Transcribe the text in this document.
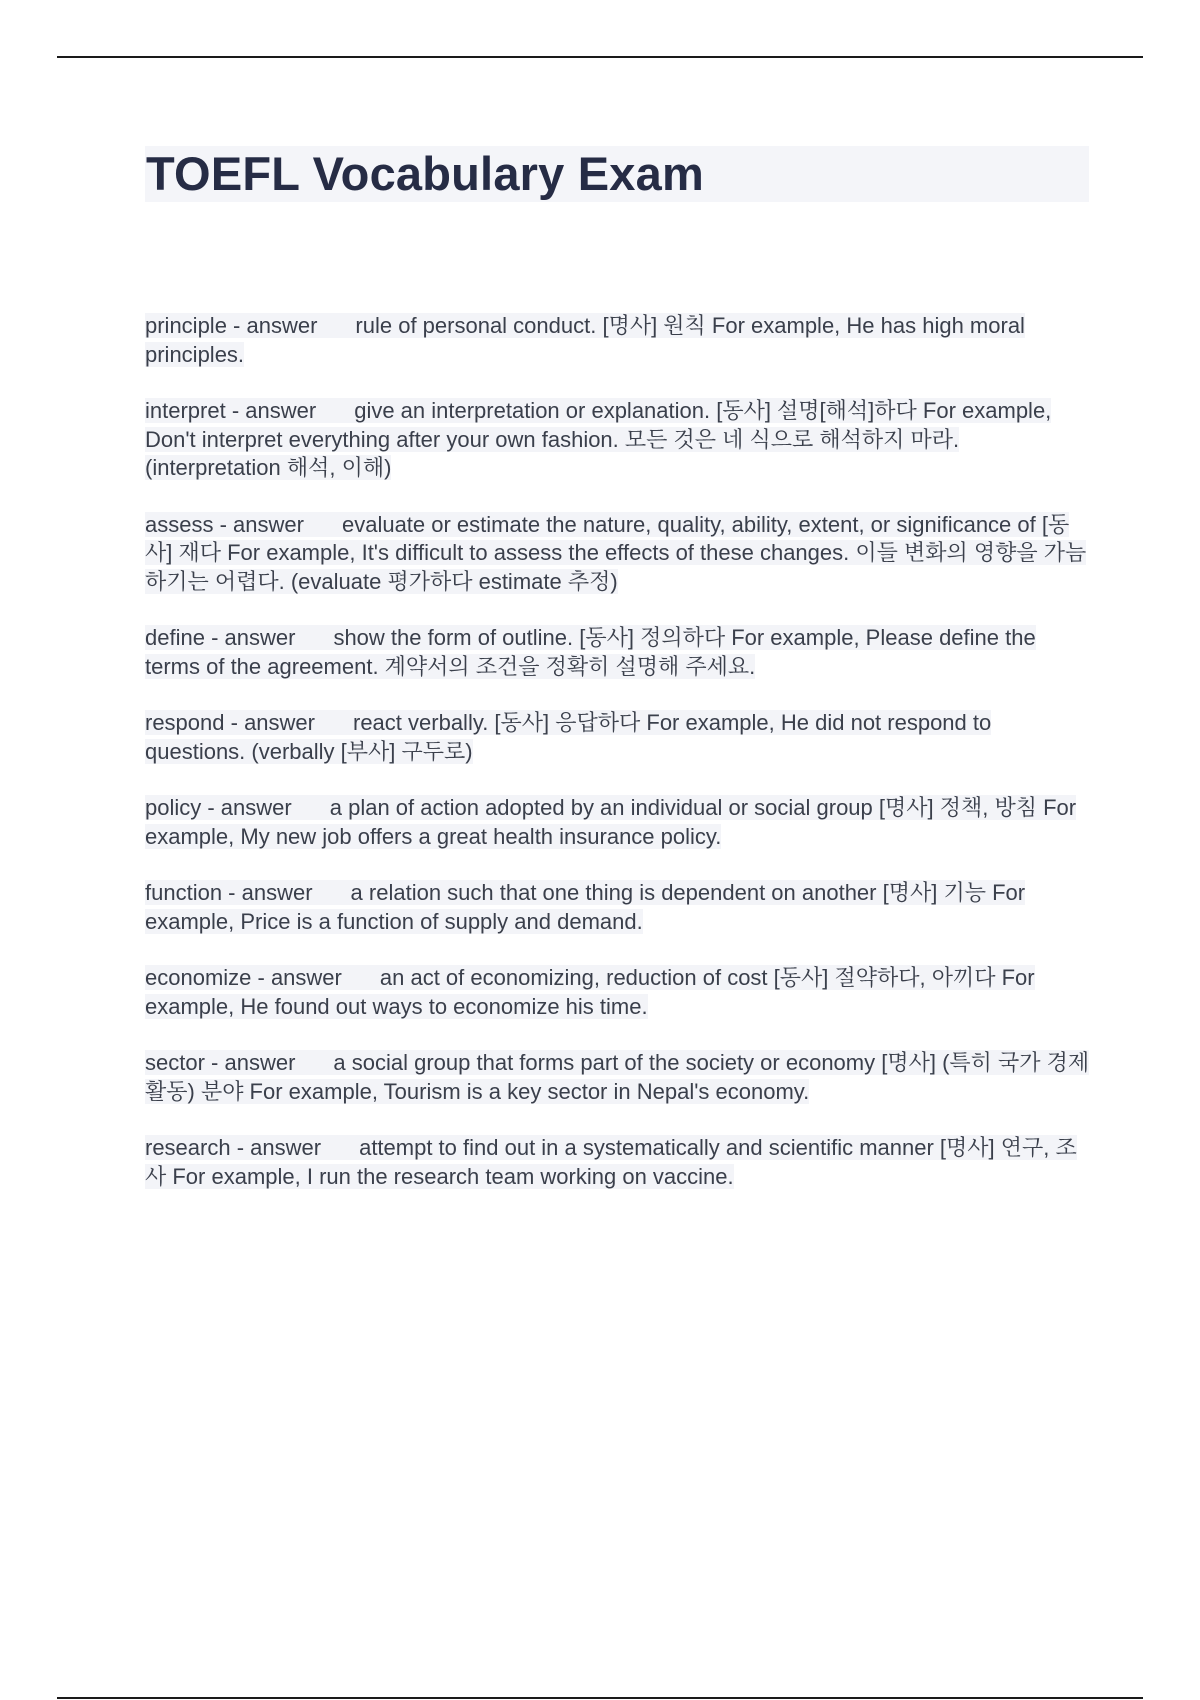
TOEFL Vocabulary Exam

principle - answer rule of personal conduct. [명사] 원칙 For example, He has high moral principles.

interpret - answer give an interpretation or explanation. [동사] 설명[해석]하다 For example, Don't interpret everything after your own fashion. 모든 것은 네 식으로 해석하지 마라. (interpretation 해석, 이해)

assess - answer evaluate or estimate the nature, quality, ability, extent, or significance of [동사] 재다 For example, It's difficult to assess the effects of these changes. 이들 변화의 영향을 가늠하기는 어렵다. (evaluate 평가하다 estimate 추정)

define - answer show the form of outline. [동사] 정의하다 For example, Please define the terms of the agreement. 계약서의 조건을 정확히 설명해 주세요.

respond - answer react verbally. [동사] 응답하다 For example, He did not respond to questions. (verbally [부사] 구두로)

policy - answer a plan of action adopted by an individual or social group [명사] 정책, 방침 For example, My new job offers a great health insurance policy.

function - answer a relation such that one thing is dependent on another [명사] 기능 For example, Price is a function of supply and demand.

economize - answer an act of economizing, reduction of cost [동사] 절약하다, 아끼다 For example, He found out ways to economize his time.

sector - answer a social group that forms part of the society or economy [명사] (특히 국가 경제 활동) 분야 For example, Tourism is a key sector in Nepal's economy.

research - answer attempt to find out in a systematically and scientific manner [명사] 연구, 조사 For example, I run the research team working on vaccine.
